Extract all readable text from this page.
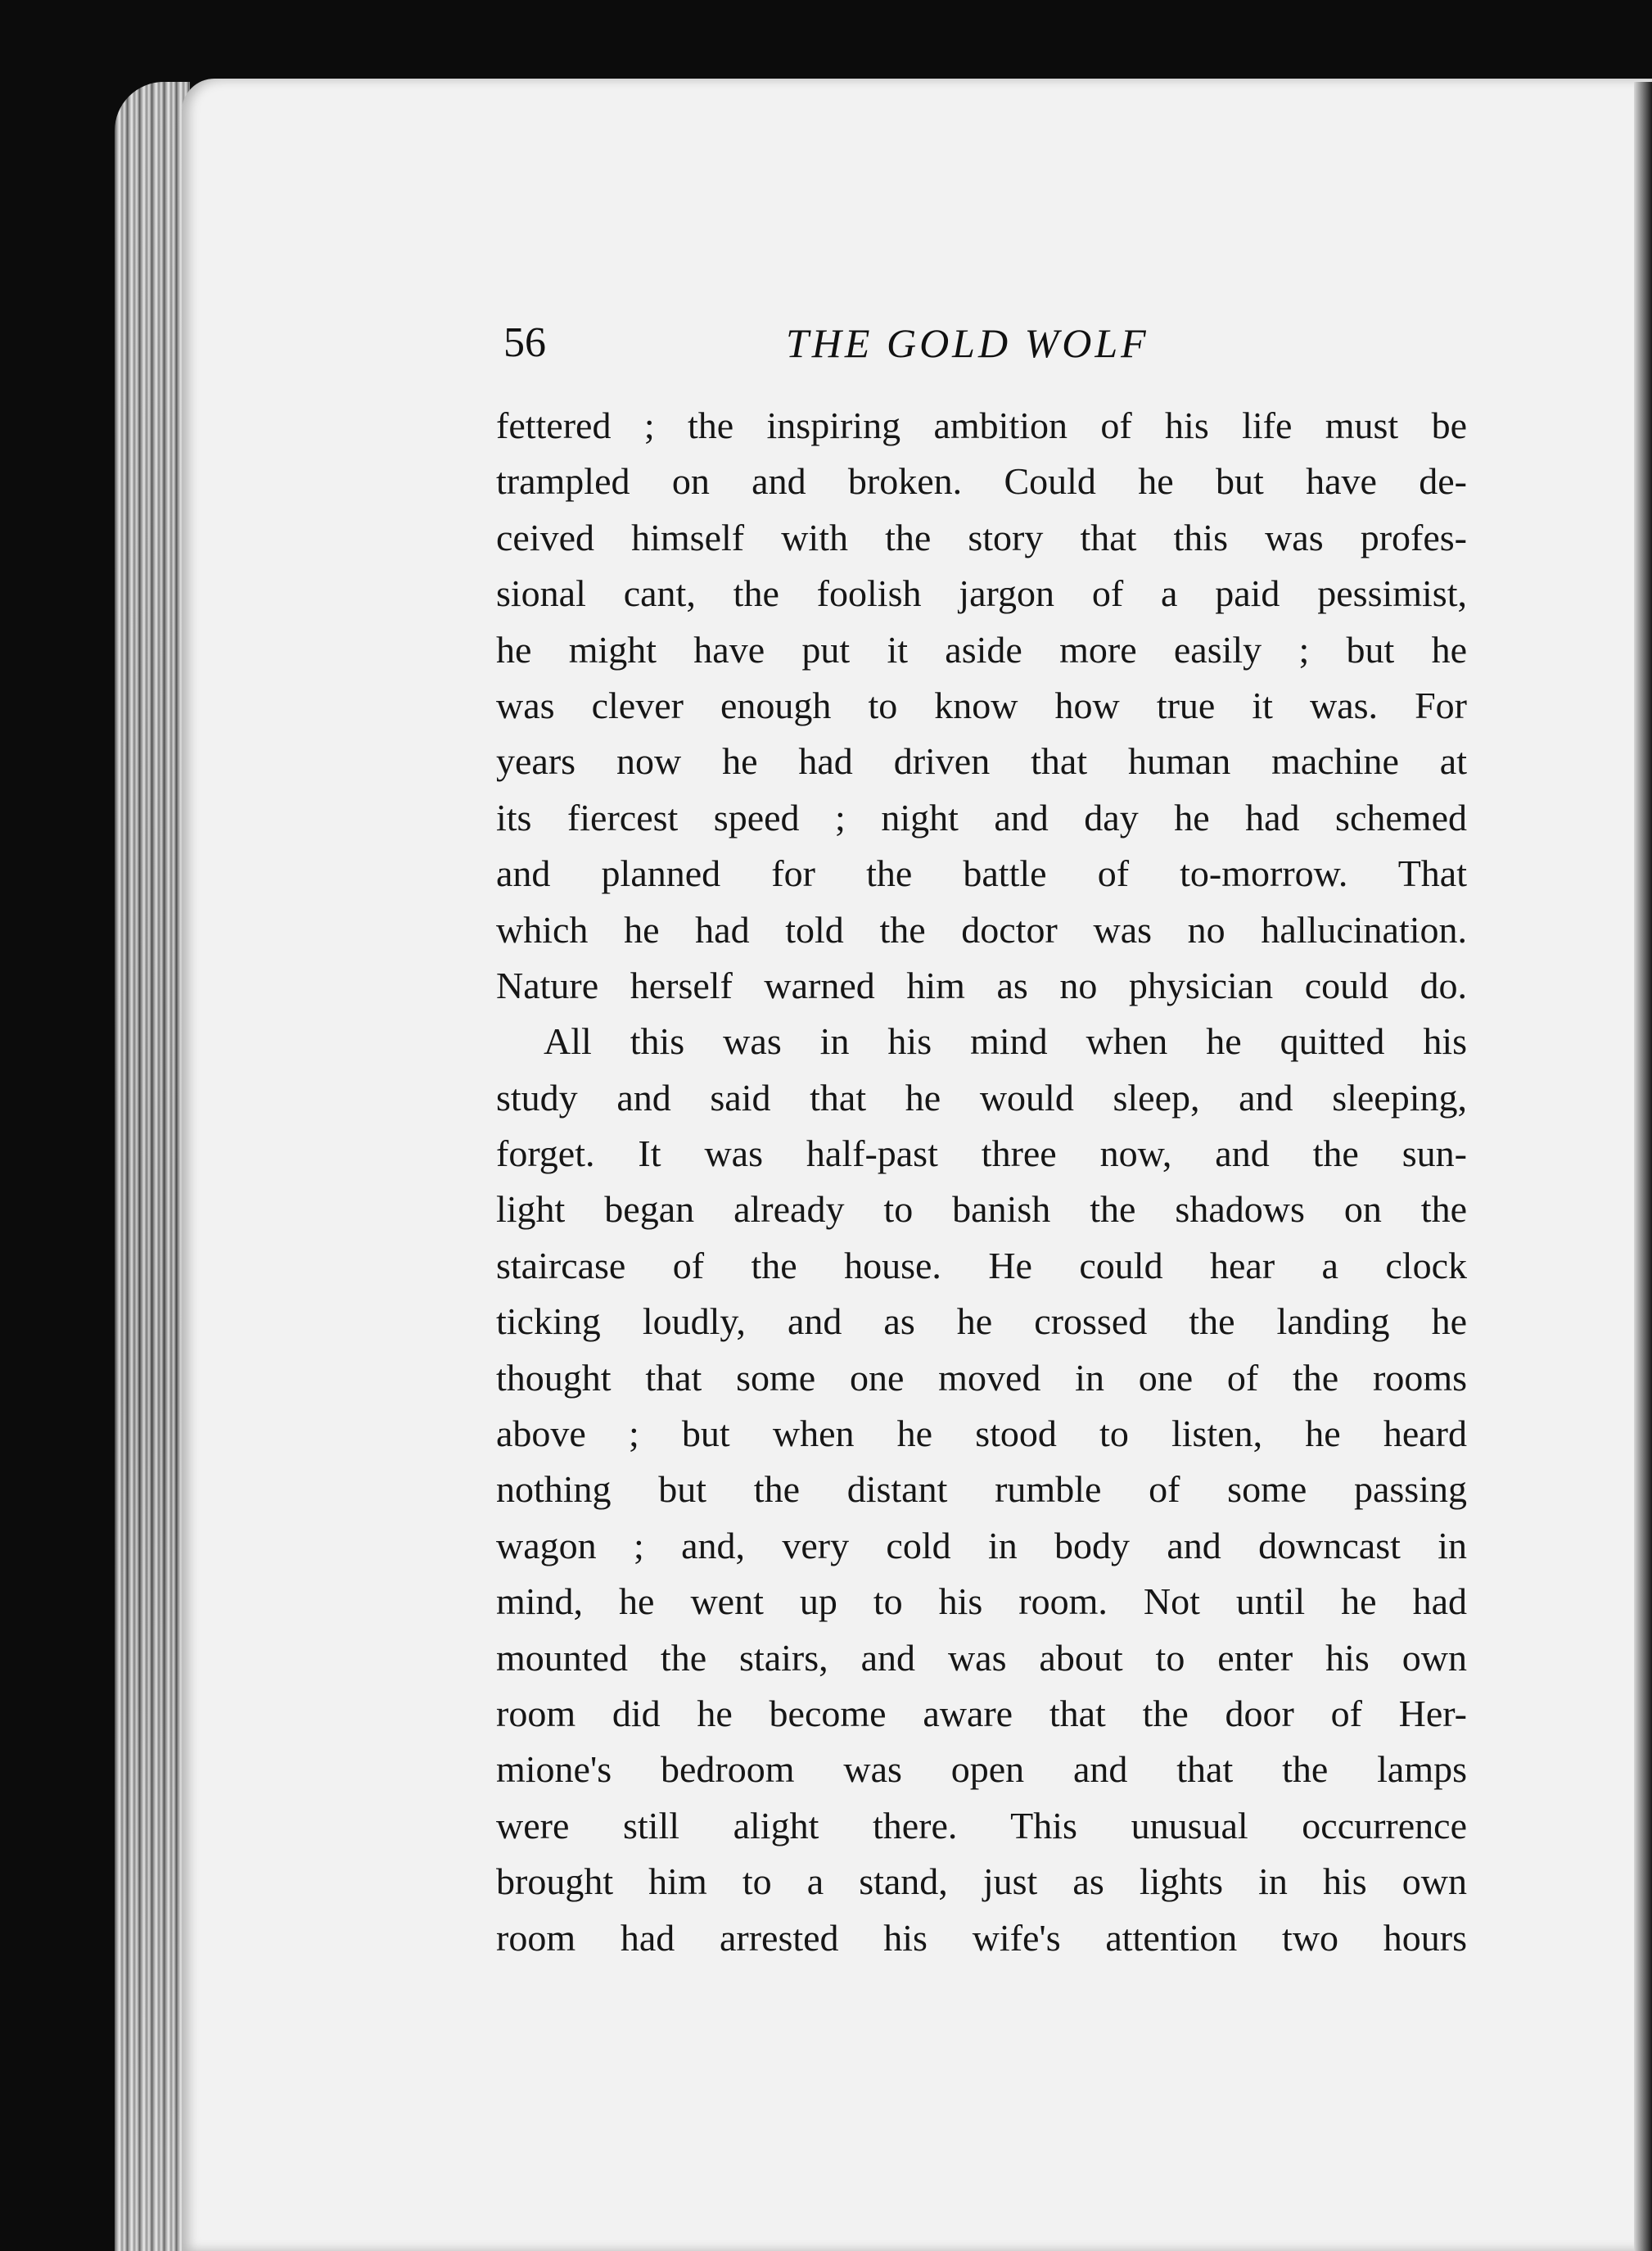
56	THE GOLD WOLF
fettered ; the inspiring ambition of his life must be
trampled on and broken. Could he but have de-
ceived himself with the story that this was profes-
sional cant, the foolish jargon of a paid pessimist,
he might have put it aside more easily ; but he
was clever enough to know how true it was. For
years now he had driven that human machine at
its fiercest speed ; night and day he had schemed
and planned for the battle of to-morrow. That
which he had told the doctor was no hallucination.
Nature herself warned him as no physician could do.
All this was in his mind when he quitted his
study and said that he would sleep, and sleeping,
forget. It was half-past three now, and the sun-
light began already to banish the shadows on the
staircase of the house. He could hear a clock
ticking loudly, and as he crossed the landing he
thought that some one moved in one of the rooms
above ; but when he stood to listen, he heard
nothing but the distant rumble of some passing
wagon ; and, very cold in body and downcast in
mind, he went up to his room. Not until he had
mounted the stairs, and was about to enter his own
room did he become aware that the door of Her-
mione's bedroom was open and that the lamps
were still alight there. This unusual occurrence
brought him to a stand, just as lights in his own
room had arrested his wife's attention two hours
